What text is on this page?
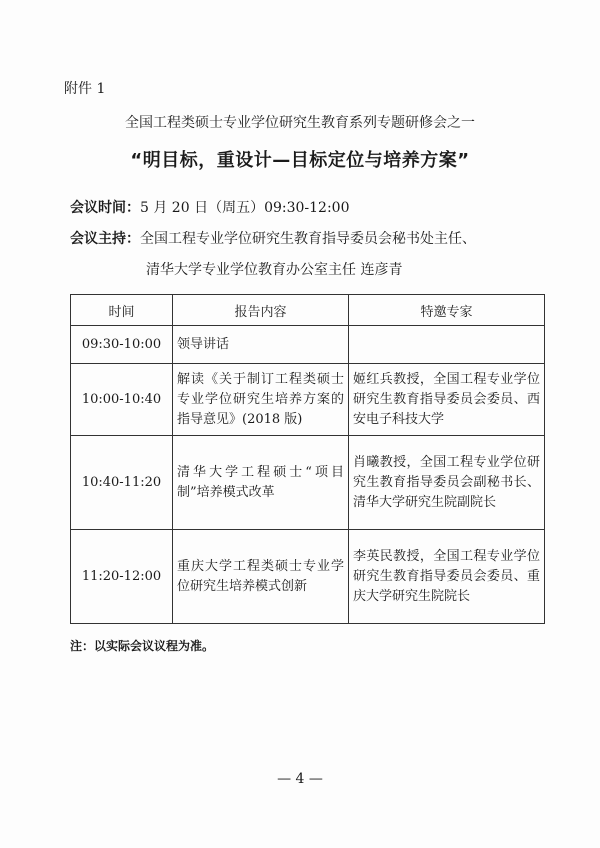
附件 1
全国工程类硕士专业学位研究生教育系列专题研修会之一
“明目标，重设计—目标定位与培养方案”
会议时间：5 月 20 日（周五）09:30-12:00
会议主持：全国工程专业学位研究生教育指导委员会秘书处主任、
清华大学专业学位教育办公室主任 连彦青
时间	报告内容	特邀专家
09:30-10:00	领导讲话	
10:00-10:40	解读《关于制订工程类硕士专业学位研究生培养方案的指导意见》(2018 版)	姬红兵教授，全国工程专业学位研究生教育指导委员会委员、西安电子科技大学
10:40-11:20	清华大学工程硕士“项目制”培养模式改革	肖曦教授，全国工程专业学位研究生教育指导委员会副秘书长、清华大学研究生院副院长
11:20-12:00	重庆大学工程类硕士专业学位研究生培养模式创新	李英民教授，全国工程专业学位研究生教育指导委员会委员、重庆大学研究生院院长
注：以实际会议议程为准。
— 4 —
